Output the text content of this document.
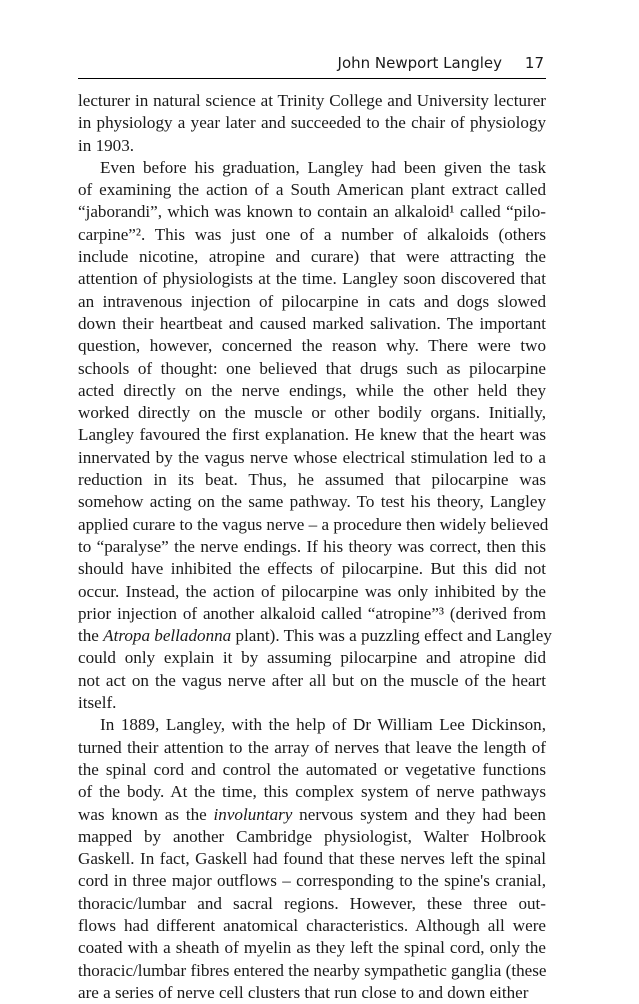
John Newport Langley 17

lecturer in natural science at Trinity College and University lecturer
in physiology a year later and succeeded to the chair of physiology
in 1903.

Even before his graduation, Langley had been given the task
of examining the action of a South American plant extract called
“jaborandi”, which was known to contain an alkaloid¹ called “pilo-
carpine”². This was just one of a number of alkaloids (others
include nicotine, atropine and curare) that were attracting the
attention of physiologists at the time. Langley soon discovered that
an intravenous injection of pilocarpine in cats and dogs slowed
down their heartbeat and caused marked salivation. The important
question, however, concerned the reason why. There were two
schools of thought: one believed that drugs such as pilocarpine
acted directly on the nerve endings, while the other held they
worked directly on the muscle or other bodily organs. Initially,
Langley favoured the first explanation. He knew that the heart was
innervated by the vagus nerve whose electrical stimulation led to a
reduction in its beat. Thus, he assumed that pilocarpine was
somehow acting on the same pathway. To test his theory, Langley
applied curare to the vagus nerve – a procedure then widely believed
to “paralyse” the nerve endings. If his theory was correct, then this
should have inhibited the effects of pilocarpine. But this did not
occur. Instead, the action of pilocarpine was only inhibited by the
prior injection of another alkaloid called “atropine”³ (derived from
the Atropa belladonna plant). This was a puzzling effect and Langley
could only explain it by assuming pilocarpine and atropine did
not act on the vagus nerve after all but on the muscle of the heart
itself.

In 1889, Langley, with the help of Dr William Lee Dickinson,
turned their attention to the array of nerves that leave the length of
the spinal cord and control the automated or vegetative functions
of the body. At the time, this complex system of nerve pathways
was known as the involuntary nervous system and they had been
mapped by another Cambridge physiologist, Walter Holbrook
Gaskell. In fact, Gaskell had found that these nerves left the spinal
cord in three major outflows – corresponding to the spine's cranial,
thoracic/lumbar and sacral regions. However, these three out-
flows had different anatomical characteristics. Although all were
coated with a sheath of myelin as they left the spinal cord, only the
thoracic/lumbar fibres entered the nearby sympathetic ganglia (these
are a series of nerve cell clusters that run close to and down either
